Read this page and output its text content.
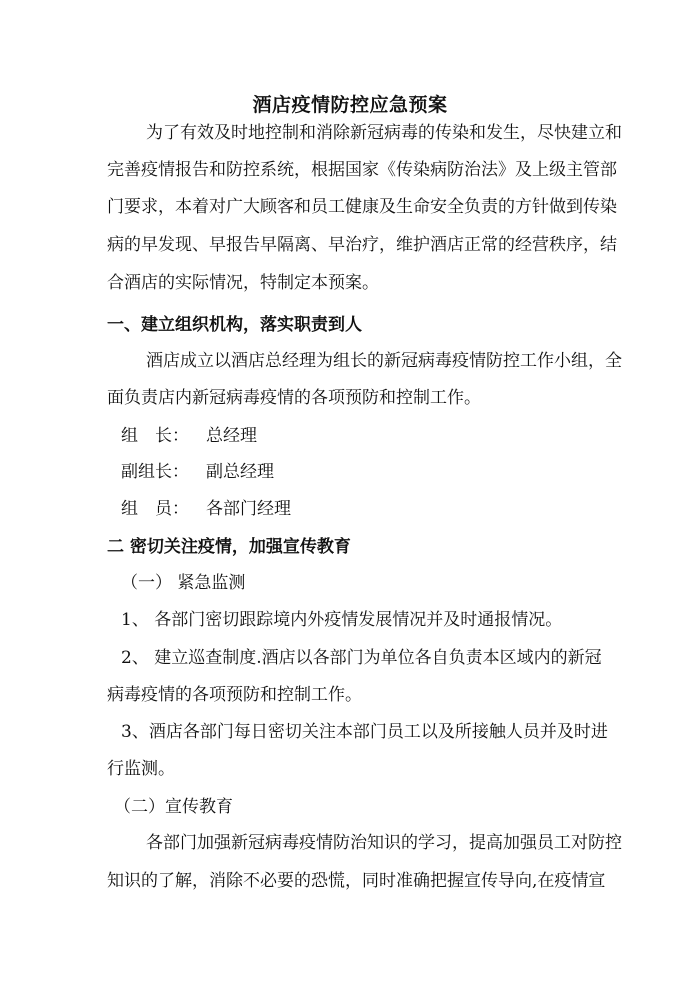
酒店疫情防控应急预案
为了有效及时地控制和消除新冠病毒的传染和发生，尽快建立和
完善疫情报告和防控系统，根据国家《传染病防治法》及上级主管部
门要求，本着对广大顾客和员工健康及生命安全负责的方针做到传染
病的早发现、早报告早隔离、早治疗，维护酒店正常的经营秩序，结
合酒店的实际情况，特制定本预案。
一、建立组织机构，落实职责到人
酒店成立以酒店总经理为组长的新冠病毒疫情防控工作小组，全
面负责店内新冠病毒疫情的各项预防和控制工作。
组　长： 总经理
副组长： 副总经理
组　员： 各部门经理
二 密切关注疫情，加强宣传教育
（一） 紧急监测
1、 各部门密切跟踪境内外疫情发展情况并及时通报情况。
2、 建立巡查制度.酒店以各部门为单位各自负责本区域内的新冠
病毒疫情的各项预防和控制工作。
3、酒店各部门每日密切关注本部门员工以及所接触人员并及时进
行监测。
（二）宣传教育
各部门加强新冠病毒疫情防治知识的学习，提高加强员工对防控
知识的了解，消除不必要的恐慌，同时准确把握宣传导向,在疫情宣
